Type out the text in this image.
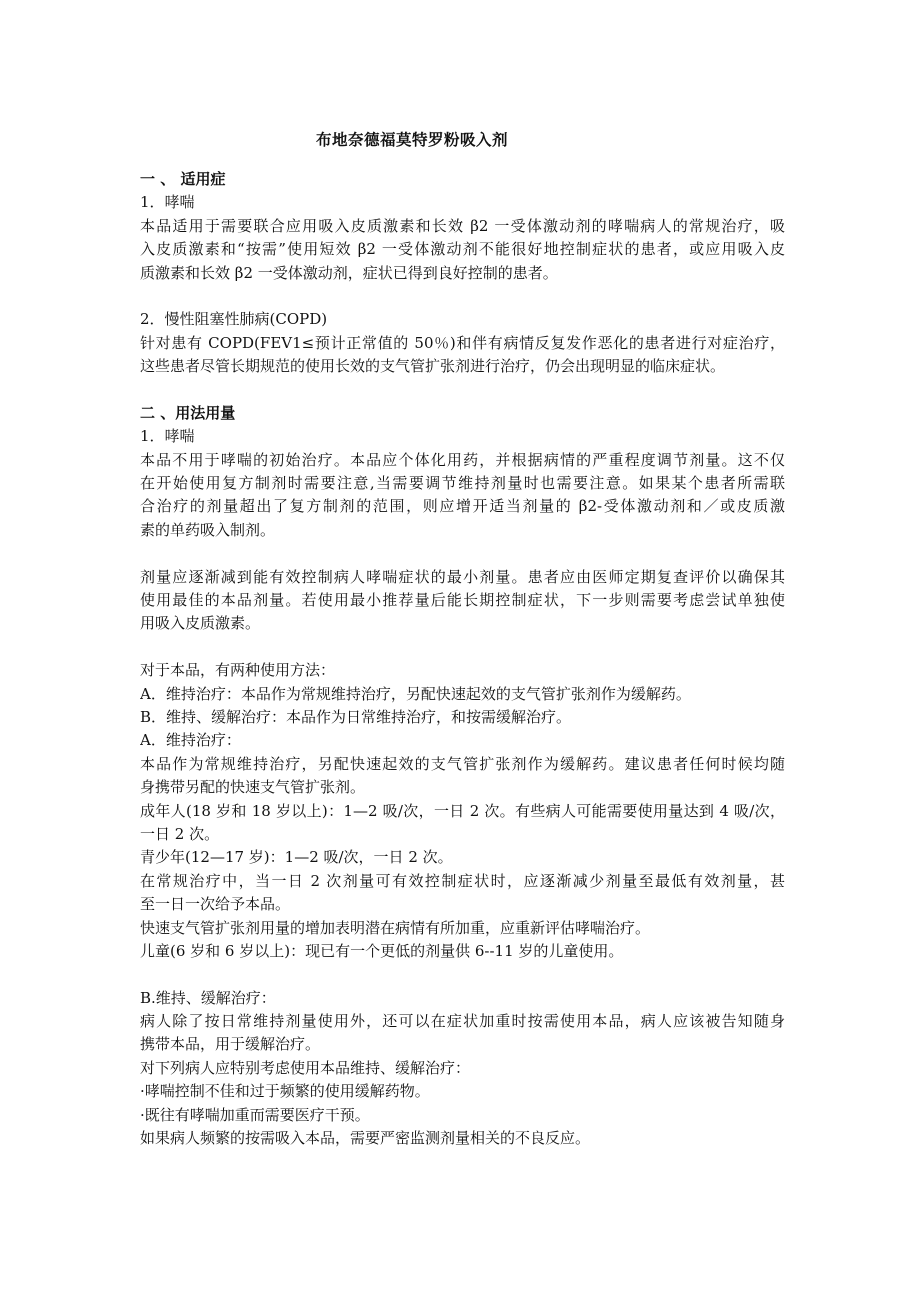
布地奈德福莫特罗粉吸入剂
一 、 适用症
1．哮喘
本品适用于需要联合应用吸入皮质激素和长效 β2 一受体激动剂的哮喘病人的常规治疗，吸
入皮质激素和“按需”使用短效 β2 一受体激动剂不能很好地控制症状的患者，或应用吸入皮
质激素和长效 β2 一受体激动剂，症状已得到良好控制的患者。
2．慢性阻塞性肺病(COPD)
针对患有 COPD(FEV1≤预计正常值的 50％)和伴有病情反复发作恶化的患者进行对症治疗，
这些患者尽管长期规范的使用长效的支气管扩张剂进行治疗，仍会出现明显的临床症状。
二 、用法用量
1．哮喘
本品不用于哮喘的初始治疗。本品应个体化用药，并根据病情的严重程度调节剂量。这不仅
在开始使用复方制剂时需要注意,当需要调节维持剂量时也需要注意。如果某个患者所需联
合治疗的剂量超出了复方制剂的范围，则应增开适当剂量的 β2-受体激动剂和／或皮质激
素的单药吸入制剂。
剂量应逐渐减到能有效控制病人哮喘症状的最小剂量。患者应由医师定期复查评价以确保其
使用最佳的本品剂量。若使用最小推荐量后能长期控制症状，下一步则需要考虑尝试单独使
用吸入皮质激素。
对于本品，有两种使用方法：
A．维持治疗：本品作为常规维持治疗，另配快速起效的支气管扩张剂作为缓解药。
B．维持、缓解治疗：本品作为日常维持治疗，和按需缓解治疗。
A．维持治疗：
本品作为常规维持治疗，另配快速起效的支气管扩张剂作为缓解药。建议患者任何时候均随
身携带另配的快速支气管扩张剂。
成年人(18 岁和 18 岁以上)：1—2 吸/次，一日 2 次。有些病人可能需要使用量达到 4 吸/次，
一日 2 次。
青少年(12—17 岁)：1—2 吸/次，一日 2 次。
在常规治疗中，当一日 2 次剂量可有效控制症状时，应逐渐减少剂量至最低有效剂量，甚
至一日一次给予本品。
快速支气管扩张剂用量的增加表明潜在病情有所加重，应重新评估哮喘治疗。
儿童(6 岁和 6 岁以上)：现已有一个更低的剂量供 6--11 岁的儿童使用。
B.维持、缓解治疗：
病人除了按日常维持剂量使用外，还可以在症状加重时按需使用本品，病人应该被告知随身
携带本品，用于缓解治疗。
对下列病人应特别考虑使用本品维持、缓解治疗：
·哮喘控制不佳和过于频繁的使用缓解药物。
·既往有哮喘加重而需要医疗干预。
如果病人频繁的按需吸入本品，需要严密监测剂量相关的不良反应。
